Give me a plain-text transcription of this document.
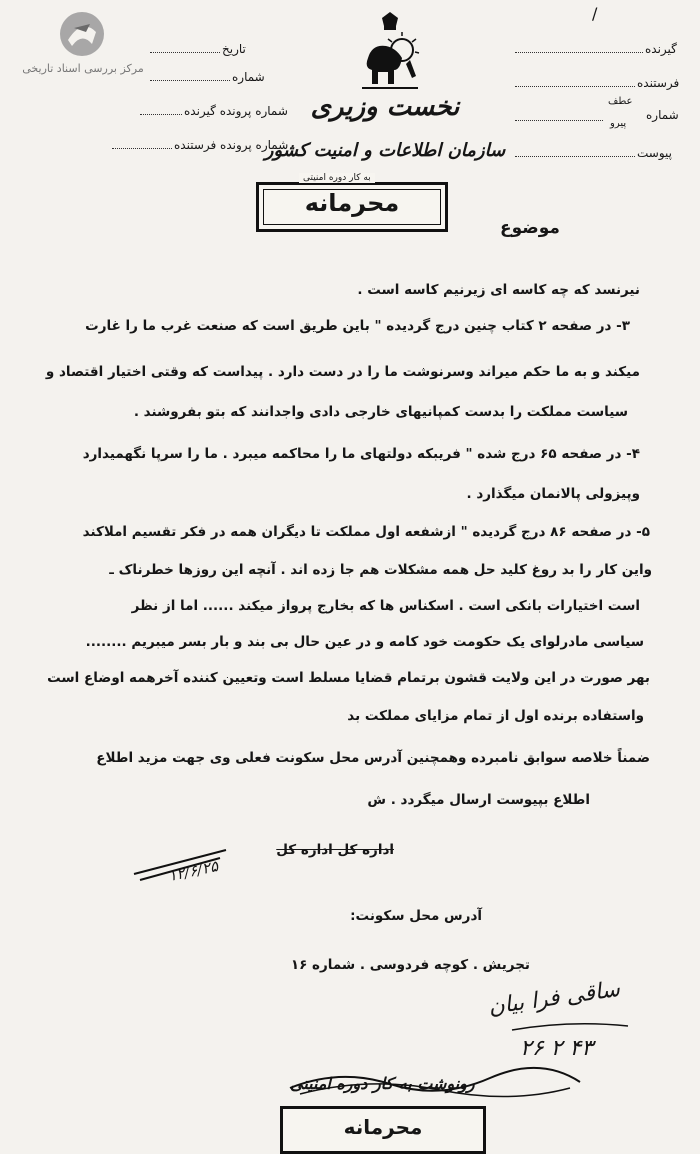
مرکز بررسی اسناد تاریخی
/
تاریخ
شماره
شماره پرونده گیرنده
شماره پرونده فرستنده
گیرنده
فرستنده
عطف
پیرو
شماره
پیوست
نخست وزیری
سازمان اطلاعات و امنیت کشور
به کار دوره امنیتی
محرمانه
موضوع
نیرنسد که چه کاسه ای زیرنیم کاسه است .
۳- در صفحه ۲ کتاب چنین درج گردیده " باین طریق است که صنعت غرب ما را غارت
میکند و به ما حکم میراند وسرنوشت ما را در دست دارد . پیداست که وقتی اختیار اقتصاد و
سیاست مملکت را بدست کمپانیهای خارجی دادی واجدانند که بتو بفروشند .
۴- در صفحه ۶۵ درج شده " فریبکه دولتهای ما را محاکمه میبرد . ما را سرپا نگهمیدارد
وپیزولی پالانمان میگذارد .
۵- در صفحه ۸۶ درج گردیده " ازشفعه اول مملکت تا دیگران همه در فکر تقسیم املاکند
واین کار را بد روغ کلید حل همه مشکلات هم جا زده اند . آنچه این روزها خطرناک ـ
است اختیارات بانکی است . اسکناس ها که بخارج پرواز میکند ...... اما از نظر
سیاسی مادرلوای یک حکومت خود کامه و در عین حال بی بند و بار بسر میبریم ........
بهر صورت در این ولایت قشون برتمام قضایا مسلط است وتعیین کننده آخرهمه اوضاع است
واستفاده برنده اول از تمام مزایای مملکت بد
ضمناً خلاصه سوابق نامبرده وهمچنین آدرس محل سکونت فعلی وی جهت مزید اطلاع
اطلاع بپیوست ارسال میگردد . ش
اداره کل اداره کل
۱۲/۶/۲۵
آدرس محل سکونت:
تجریش . کوچه فردوسی . شماره ۱۶
ساقی فرا بیان
۲۶ ۲ ۴۳
رونوشت به کار دوره امنیتی
محرمانه
